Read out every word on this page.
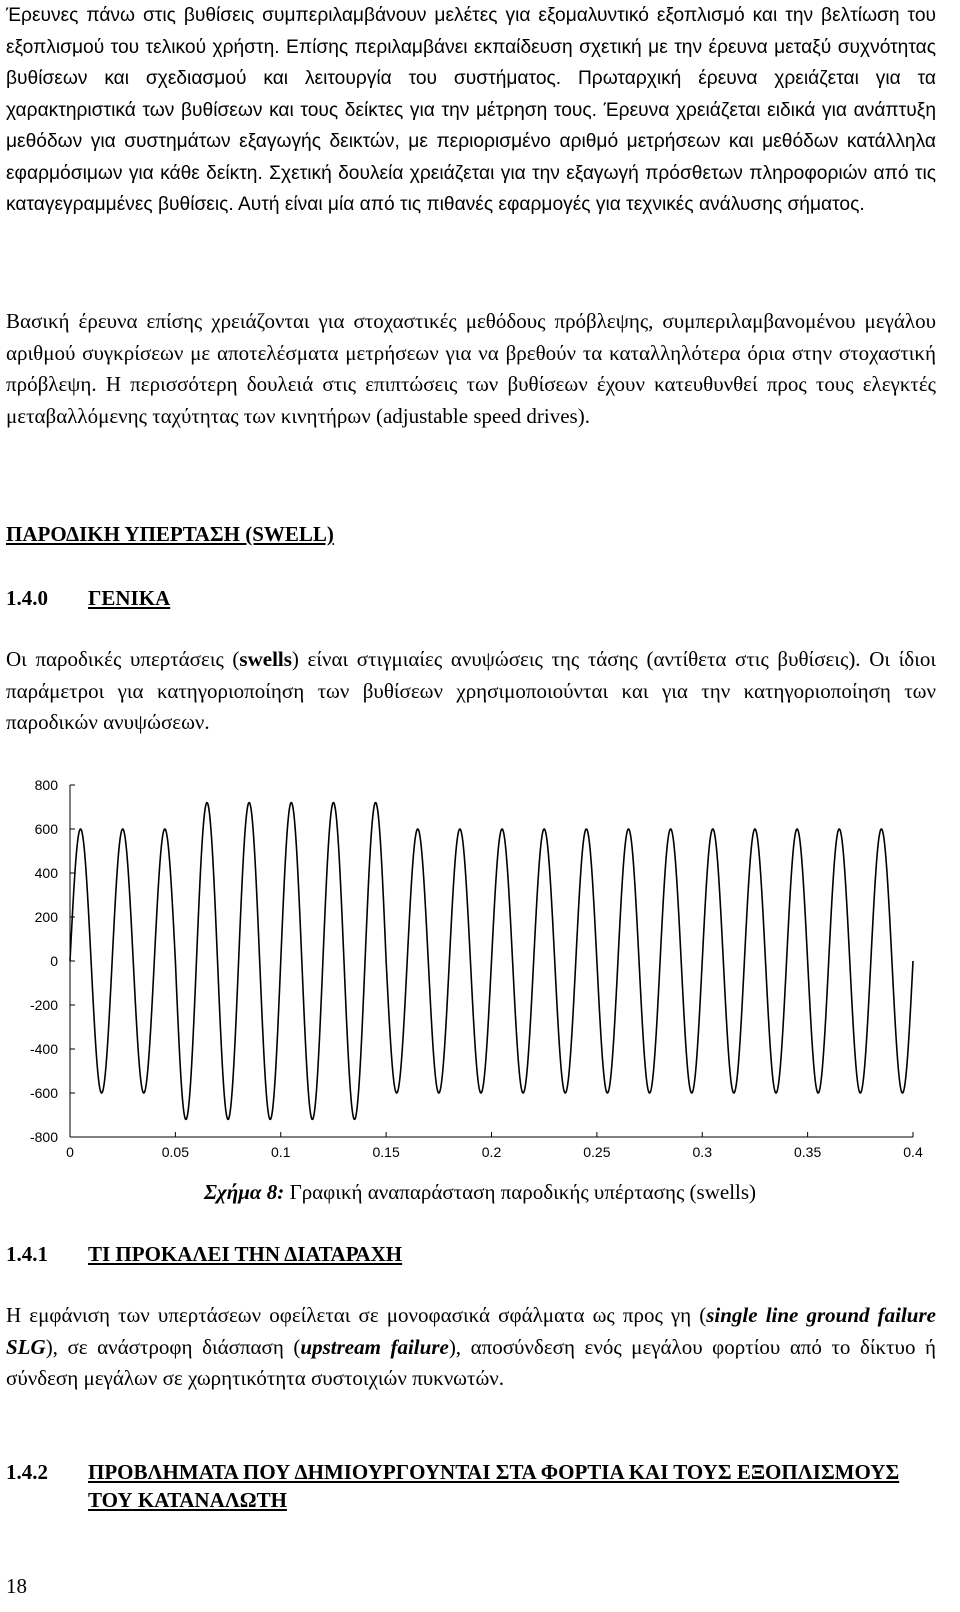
Έρευνες πάνω στις βυθίσεις συμπεριλαμβάνουν μελέτες για εξομαλυντικό εξοπλισμό και την βελτίωση του εξοπλισμού του τελικού χρήστη. Επίσης περιλαμβάνει εκπαίδευση σχετική με την έρευνα μεταξύ συχνότητας βυθίσεων και σχεδιασμού και λειτουργία του συστήματος. Πρωταρχική έρευνα χρειάζεται για τα χαρακτηριστικά των βυθίσεων και τους δείκτες για την μέτρηση τους. Έρευνα χρειάζεται ειδικά για ανάπτυξη μεθόδων για συστημάτων εξαγωγής δεικτών, με περιορισμένο αριθμό μετρήσεων και μεθόδων κατάλληλα εφαρμόσιμων για κάθε δείκτη. Σχετική δουλεία χρειάζεται για την εξαγωγή πρόσθετων πληροφοριών από τις καταγεγραμμένες βυθίσεις. Αυτή είναι μία από τις πιθανές εφαρμογές για τεχνικές ανάλυσης σήματος.

Βασική έρευνα επίσης χρειάζονται για στοχαστικές μεθόδους πρόβλεψης, συμπεριλαμβανομένου μεγάλου αριθμού συγκρίσεων με αποτελέσματα μετρήσεων για να βρεθούν τα καταλληλότερα όρια στην στοχαστική πρόβλεψη. Η περισσότερη δουλειά στις επιπτώσεις των βυθίσεων έχουν κατευθυνθεί προς τους ελεγκτές μεταβαλλόμενης ταχύτητας των κινητήρων (adjustable speed drives).

ΠΑΡΟΔΙΚΗ ΥΠΕΡΤΑΣΗ (SWELL)

1.4.0 ΓΕΝΙΚΑ

Οι παροδικές υπερτάσεις (swells) είναι στιγμιαίες ανυψώσεις της τάσης (αντίθετα στις βυθίσεις). Οι ίδιοι παράμετροι για κατηγοριοποίηση των βυθίσεων χρησιμοποιούνται και για την κατηγοριοποίηση των παροδικών ανυψώσεων.

800
600
400
200
0
-200
-400
-600
-800
0	0.05	0.1	0.15	0.2	0.25	0.3	0.35	0.4
Σχήμα 8: Γραφική αναπαράσταση παροδικής υπέρτασης (swells)

1.4.1 ΤΙ ΠΡΟΚΑΛΕΙ ΤΗΝ ΔΙΑΤΑΡΑΧΗ

Η εμφάνιση των υπερτάσεων οφείλεται σε μονοφασικά σφάλματα ως προς γη (single line ground failure SLG), σε ανάστροφη διάσπαση (upstream failure), αποσύνδεση ενός μεγάλου φορτίου από το δίκτυο ή σύνδεση μεγάλων σε χωρητικότητα συστοιχιών πυκνωτών.

1.4.2	ΠΡΟΒΛΗΜΑΤΑ ΠΟΥ ΔΗΜΙΟΥΡΓΟΥΝΤΑΙ ΣΤΑ ΦΟΡΤΙΑ ΚΑΙ ΤΟΥΣ ΕΞΟΠΛΙΣΜΟΥΣ ΤΟΥ ΚΑΤΑΝΑΛΩΤΗ

18
